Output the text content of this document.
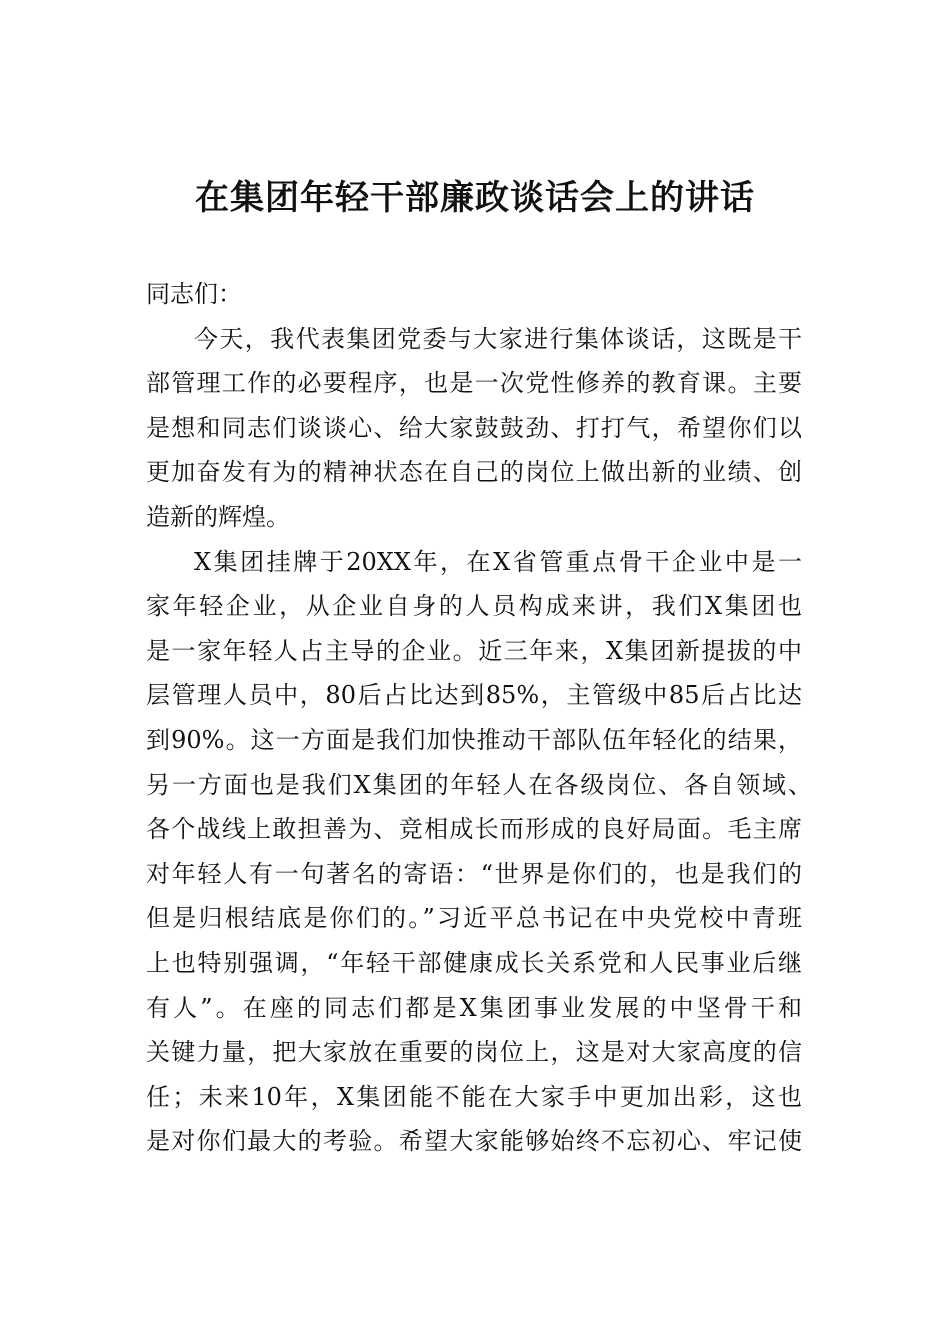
在集团年轻干部廉政谈话会上的讲话

同志们：

今天，我代表集团党委与大家进行集体谈话，这既是干
部管理工作的必要程序，也是一次党性修养的教育课。主要
是想和同志们谈谈心、给大家鼓鼓劲、打打气，希望你们以
更加奋发有为的精神状态在自己的岗位上做出新的业绩、创
造新的辉煌。

X集团挂牌于20XX年，在X省管重点骨干企业中是一
家年轻企业，从企业自身的人员构成来讲，我们X集团也
是一家年轻人占主导的企业。近三年来，X集团新提拔的中
层管理人员中，80后占比达到85%，主管级中85后占比达
到90%。这一方面是我们加快推动干部队伍年轻化的结果，
另一方面也是我们X集团的年轻人在各级岗位、各自领域、
各个战线上敢担善为、竞相成长而形成的良好局面。毛主席
对年轻人有一句著名的寄语：“世界是你们的，也是我们的
但是归根结底是你们的。”习近平总书记在中央党校中青班
上也特别强调，“年轻干部健康成长关系党和人民事业后继
有人”。在座的同志们都是X集团事业发展的中坚骨干和
关键力量，把大家放在重要的岗位上，这是对大家高度的信
任；未来10年，X集团能不能在大家手中更加出彩，这也
是对你们最大的考验。希望大家能够始终不忘初心、牢记使
